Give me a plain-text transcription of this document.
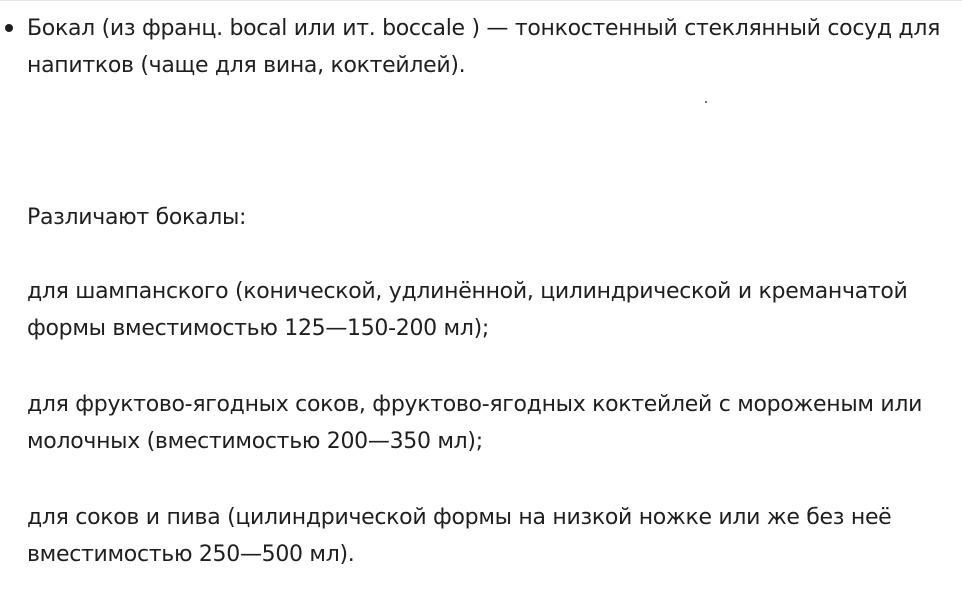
Бокал (из франц. bocal или ит. boccale ) — тонкостенный стеклянный сосуд для
напитков (чаще для вина, коктейлей).
Различают бокалы:
для шампанского (конической, удлинённой, цилиндрической и креманчатой
формы вместимостью 125—150-200 мл);
для фруктово-ягодных соков, фруктово-ягодных коктейлей с мороженым или
молочных (вместимостью 200—350 мл);
для соков и пива (цилиндрической формы на низкой ножке или же без неё
вместимостью 250—500 мл).
